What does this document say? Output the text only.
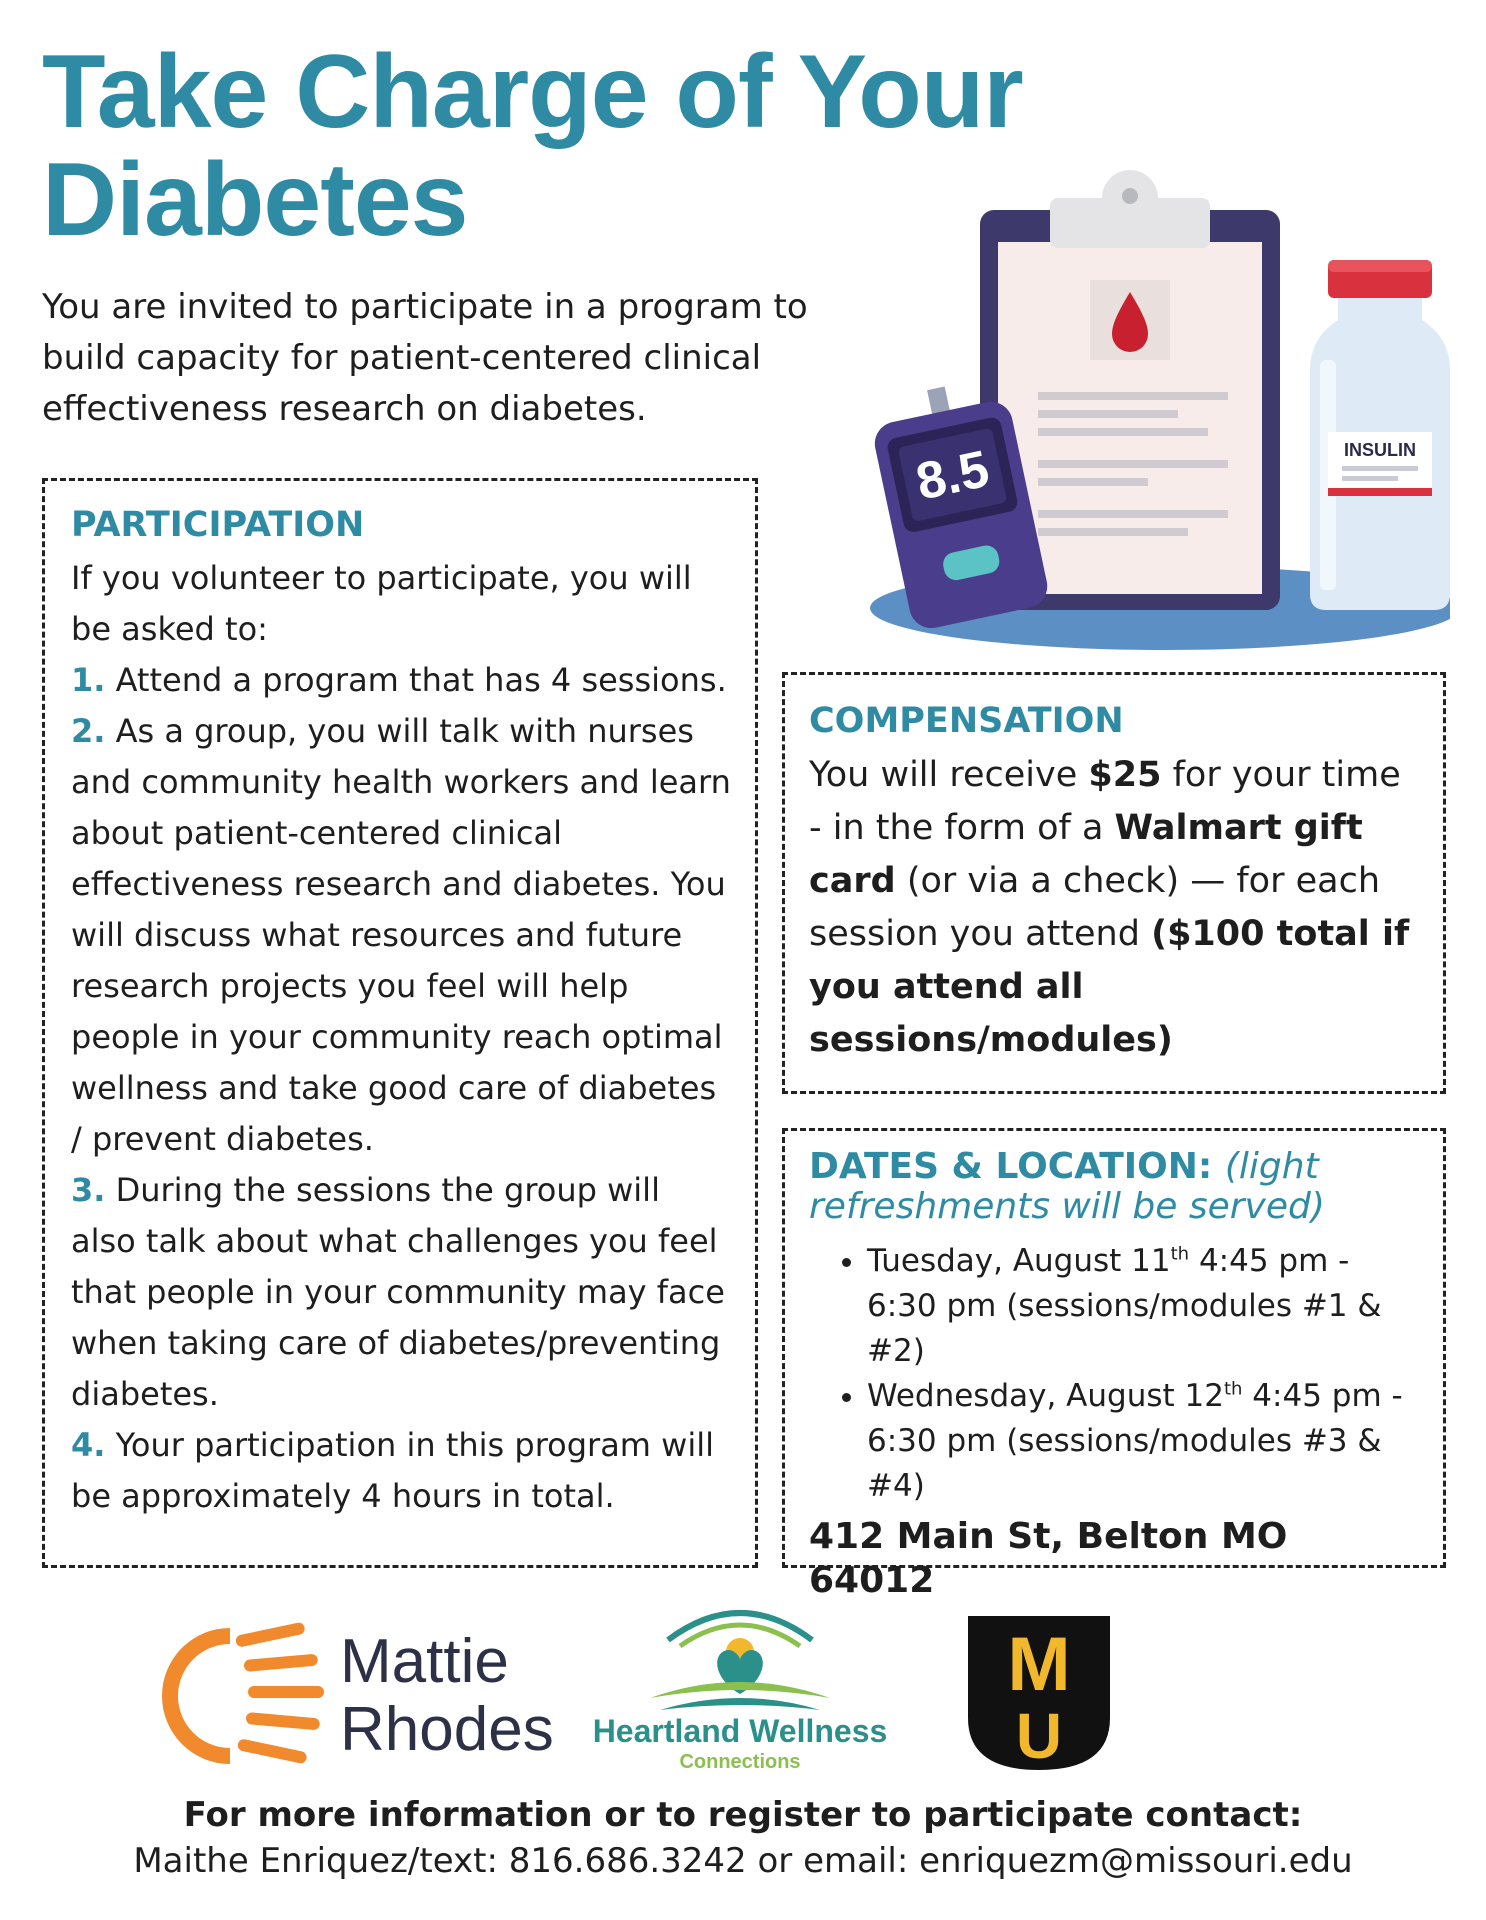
Take Charge of Your Diabetes
You are invited to participate in a program to build capacity for patient-centered clinical effectiveness research on diabetes.
8.5	INSULIN
PARTICIPATION
If you volunteer to participate, you will be asked to:
1. Attend a program that has 4 sessions.
2. As a group, you will talk with nurses and community health workers and learn about patient-centered clinical effectiveness research and diabetes. You will discuss what resources and future research projects you feel will help people in your community reach optimal wellness and take good care of diabetes / prevent diabetes.
3. During the sessions the group will also talk about what challenges you feel that people in your community may face when taking care of diabetes/preventing diabetes.
4. Your participation in this program will be approximately 4 hours in total.
COMPENSATION
You will receive $25 for your time - in the form of a Walmart gift card (or via a check) — for each session you attend ($100 total if you attend all sessions/modules)
DATES & LOCATION: (light refreshments will be served)
• Tuesday, August 11th 4:45 pm - 6:30 pm (sessions/modules #1 & #2)
• Wednesday, August 12th 4:45 pm - 6:30 pm (sessions/modules #3 & #4)
412 Main St, Belton MO 64012
Mattie
Rhodes Heartland Wellness
Connections
M
U
For more information or to register to participate contact:
Maithe Enriquez/text: 816.686.3242 or email: enriquezm@missouri.edu
